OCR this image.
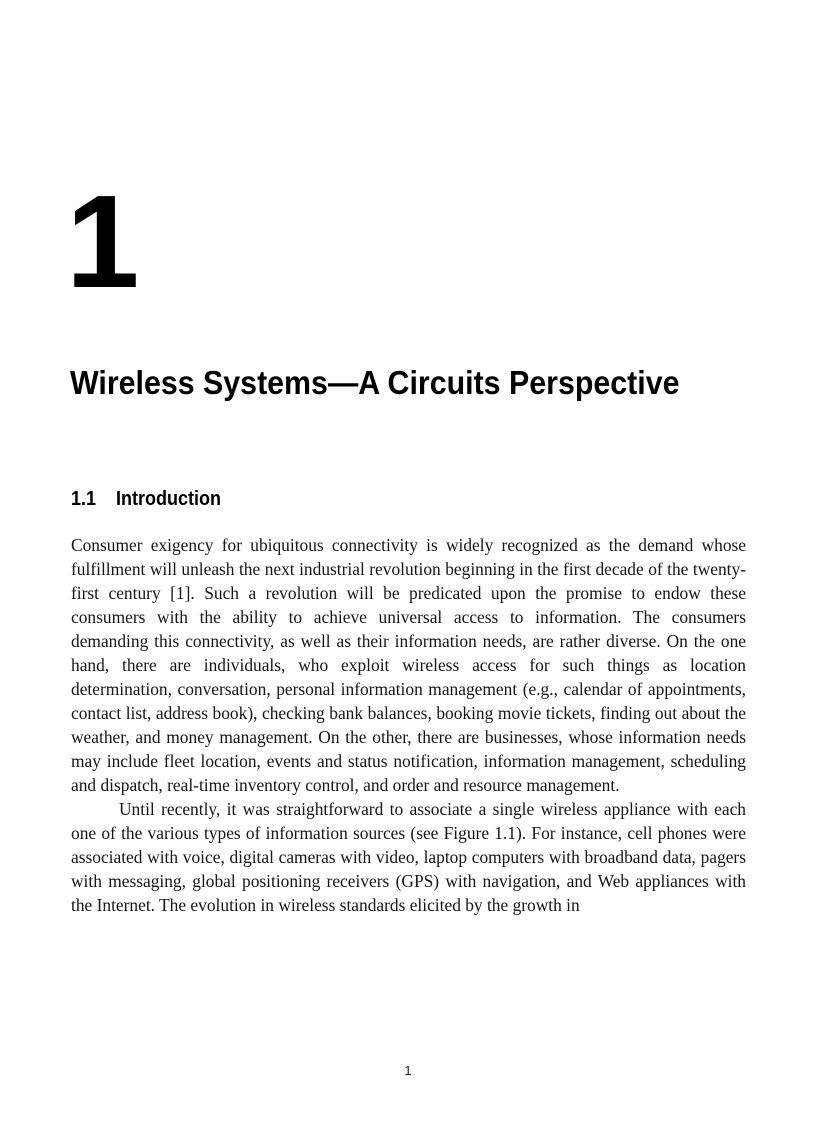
1
Wireless Systems—A Circuits Perspective
1.1 Introduction

Consumer exigency for ubiquitous connectivity is widely recognized as the demand whose fulfillment will unleash the next industrial revolution beginning in the first decade of the twenty-first century [1]. Such a revolution will be predicated upon the promise to endow these consumers with the ability to achieve universal access to information. The consumers demanding this connectivity, as well as their information needs, are rather diverse. On the one hand, there are individuals, who exploit wireless access for such things as location determination, conversation, personal information management (e.g., calendar of appointments, contact list, address book), checking bank balances, booking movie tickets, finding out about the weather, and money management. On the other, there are businesses, whose information needs may include fleet location, events and status notification, information management, scheduling and dispatch, real-time inventory control, and order and resource management.

Until recently, it was straightforward to associate a single wireless appliance with each one of the various types of information sources (see Figure 1.1). For instance, cell phones were associated with voice, digital cameras with video, laptop computers with broadband data, pagers with messaging, global positioning receivers (GPS) with navigation, and Web appliances with the Internet. The evolution in wireless standards elicited by the growth in

1
